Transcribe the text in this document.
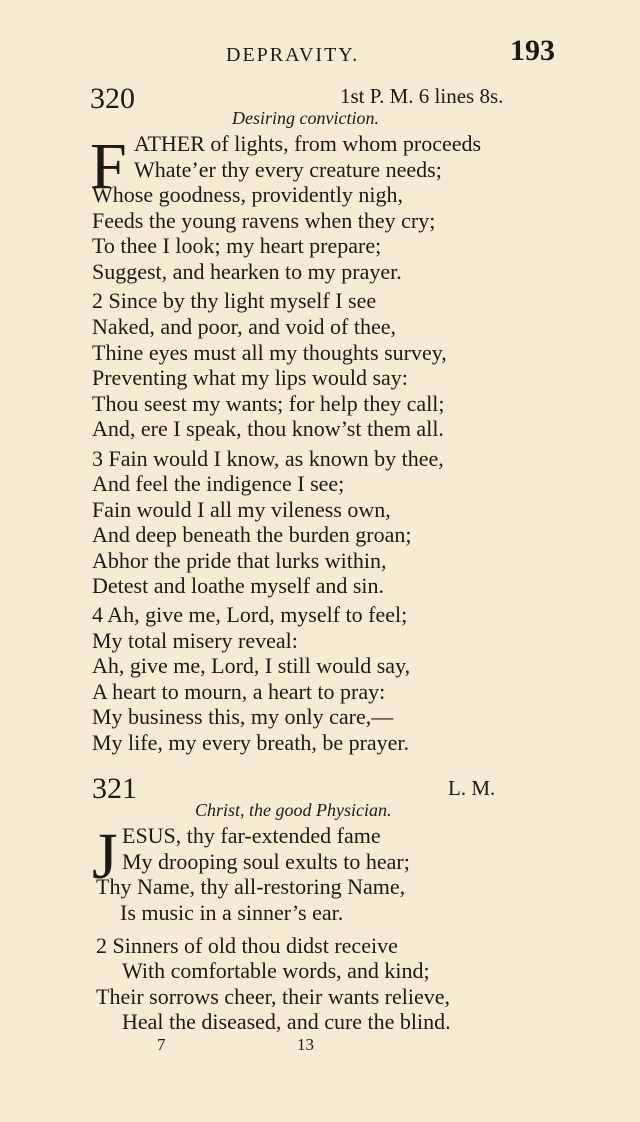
DEPRAVITY.	193
320	1st P. M. 6 lines 8s.
Desiring conviction.
F ATHER of lights, from whom proceeds
Whate’er thy every creature needs;
Whose goodness, providently nigh,
Feeds the young ravens when they cry;
To thee I look; my heart prepare;
Suggest, and hearken to my prayer.
2 Since by thy light myself I see
Naked, and poor, and void of thee,
Thine eyes must all my thoughts survey,
Preventing what my lips would say:
Thou seest my wants; for help they call;
And, ere I speak, thou know’st them all.
3 Fain would I know, as known by thee,
And feel the indigence I see;
Fain would I all my vileness own,
And deep beneath the burden groan;
Abhor the pride that lurks within,
Detest and loathe myself and sin.
4 Ah, give me, Lord, myself to feel;
My total misery reveal:
Ah, give me, Lord, I still would say,
A heart to mourn, a heart to pray:
My business this, my only care,—
My life, my every breath, be prayer.
321	L. M.
Christ, the good Physician.
J ESUS, thy far-extended fame
My drooping soul exults to hear;
Thy Name, thy all-restoring Name,
Is music in a sinner’s ear.
2 Sinners of old thou didst receive
With comfortable words, and kind;
Their sorrows cheer, their wants relieve,
Heal the diseased, and cure the blind.
7	13
